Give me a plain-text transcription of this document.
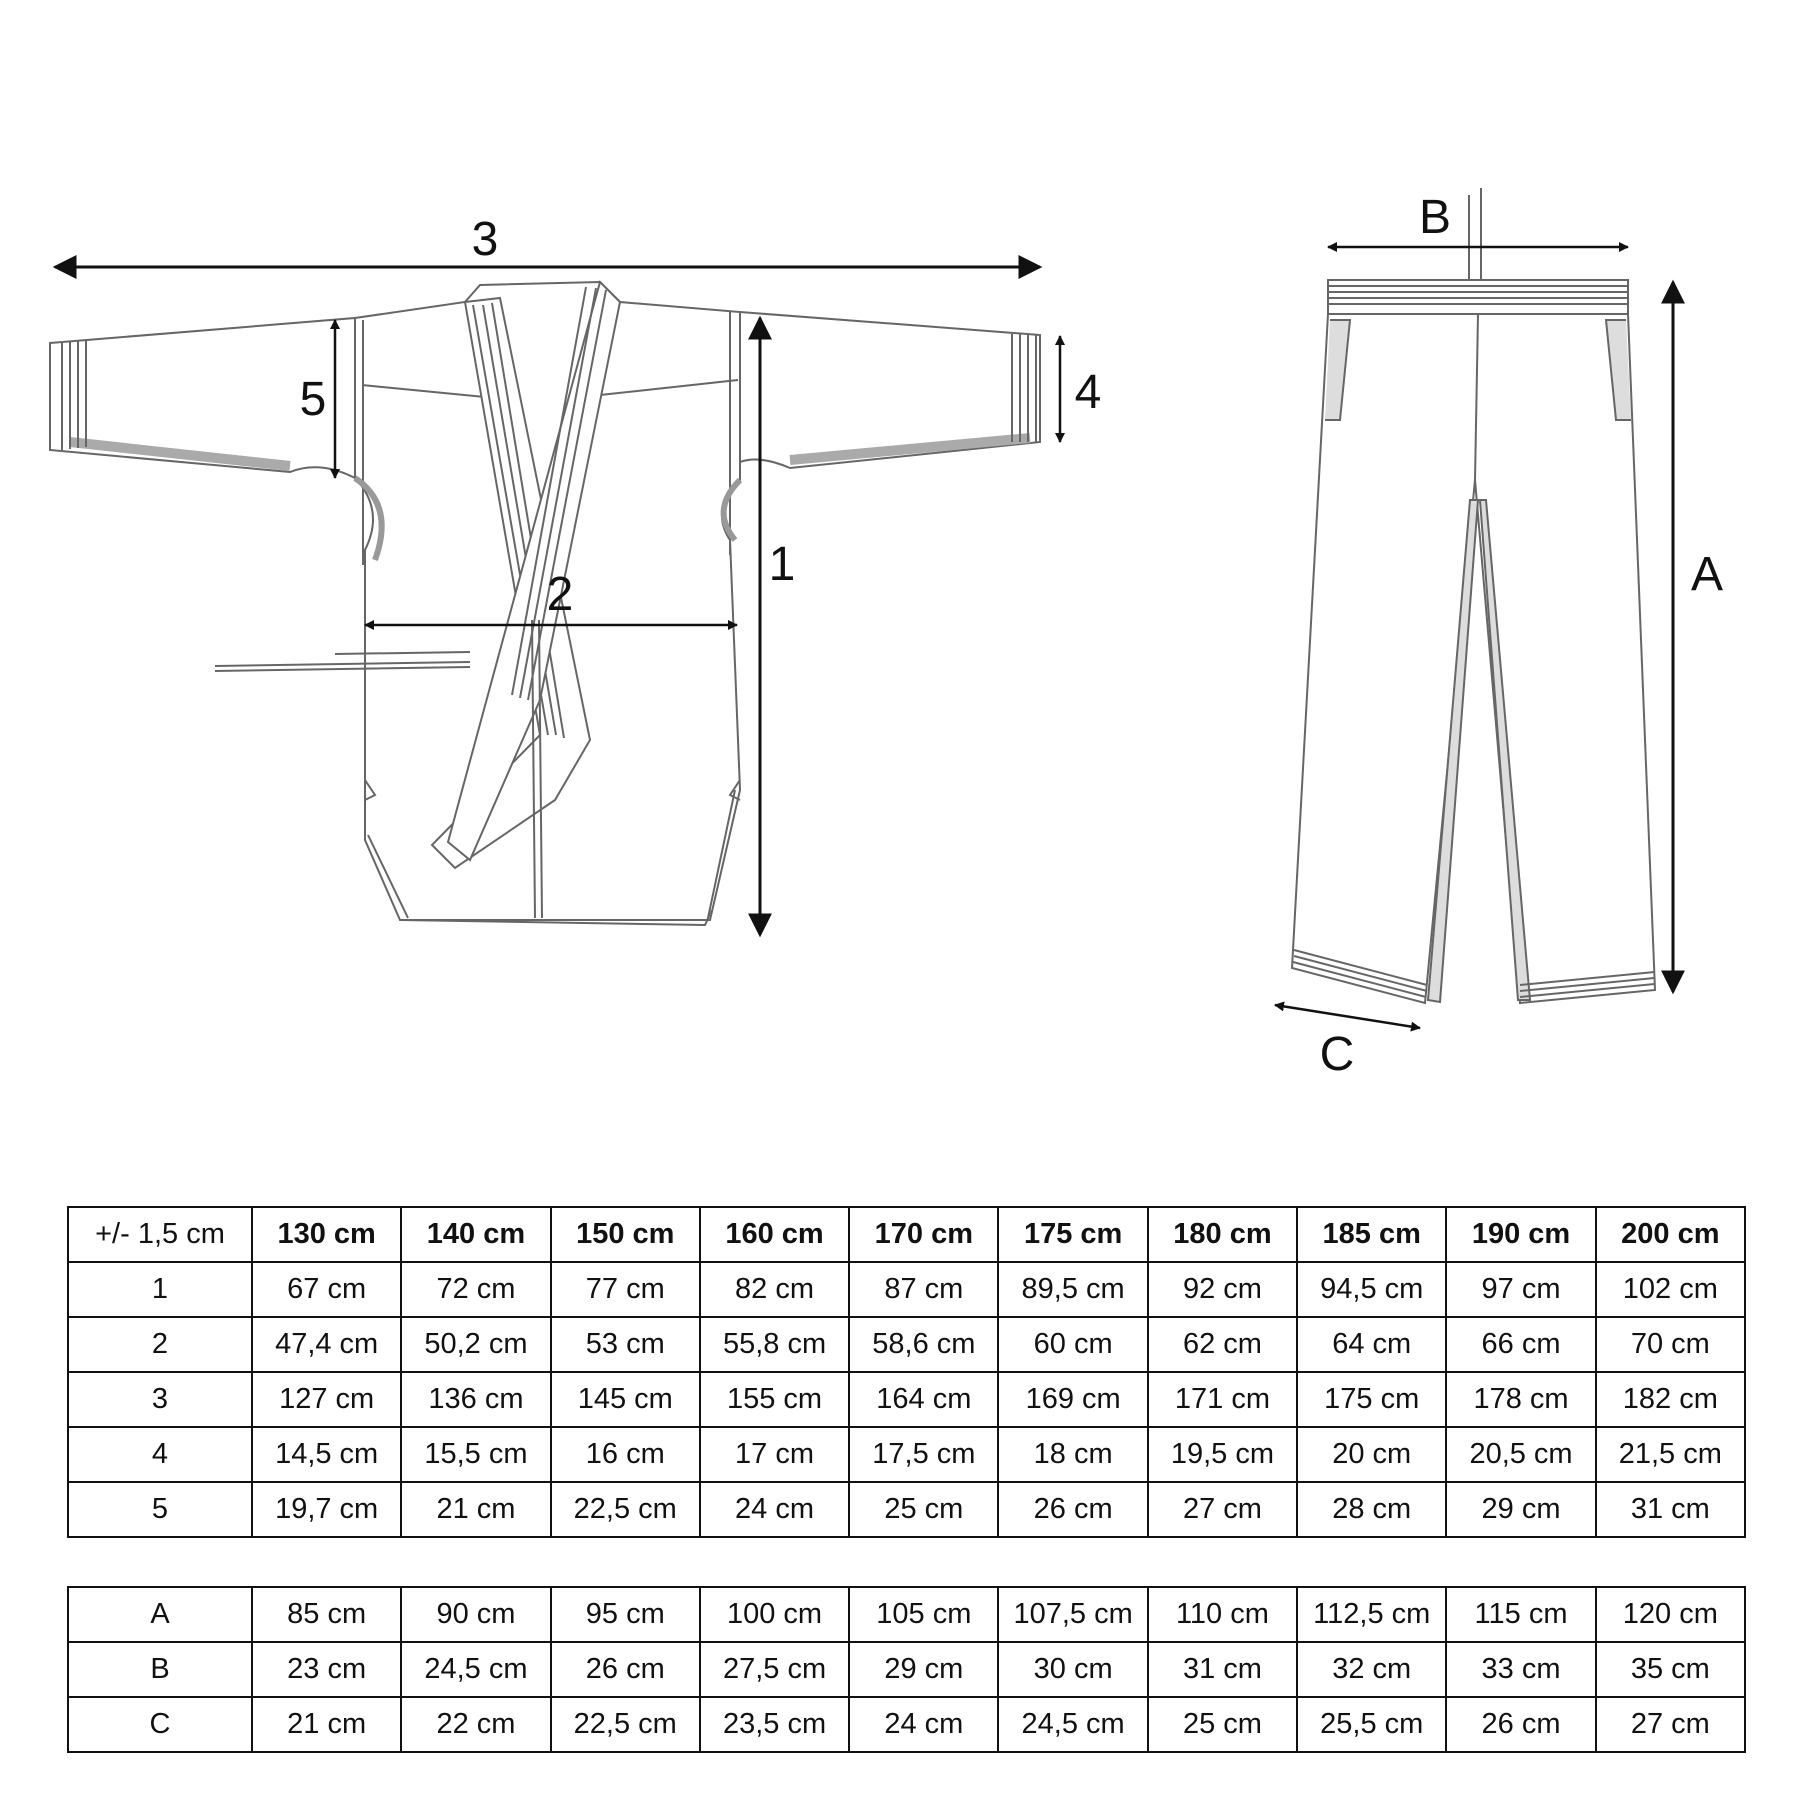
3
5	4
1
2
B
A
C
+/- 1,5 cm	130 cm	140 cm	150 cm	160 cm	170 cm	175 cm	180 cm	185 cm	190 cm	200 cm
1	67 cm	72 cm	77 cm	82 cm	87 cm	89,5 cm	92 cm	94,5 cm	97 cm	102 cm
2	47,4 cm	50,2 cm	53 cm	55,8 cm	58,6 cm	60 cm	62 cm	64 cm	66 cm	70 cm
3	127 cm	136 cm	145 cm	155 cm	164 cm	169 cm	171 cm	175 cm	178 cm	182 cm
4	14,5 cm	15,5 cm	16 cm	17 cm	17,5 cm	18 cm	19,5 cm	20 cm	20,5 cm	21,5 cm
5	19,7 cm	21 cm	22,5 cm	24 cm	25 cm	26 cm	27 cm	28 cm	29 cm	31 cm
A	85 cm	90 cm	95 cm	100 cm	105 cm	107,5 cm	110 cm	112,5 cm	115 cm	120 cm
B	23 cm	24,5 cm	26 cm	27,5 cm	29 cm	30 cm	31 cm	32 cm	33 cm	35 cm
C	21 cm	22 cm	22,5 cm	23,5 cm	24 cm	24,5 cm	25 cm	25,5 cm	26 cm	27 cm
